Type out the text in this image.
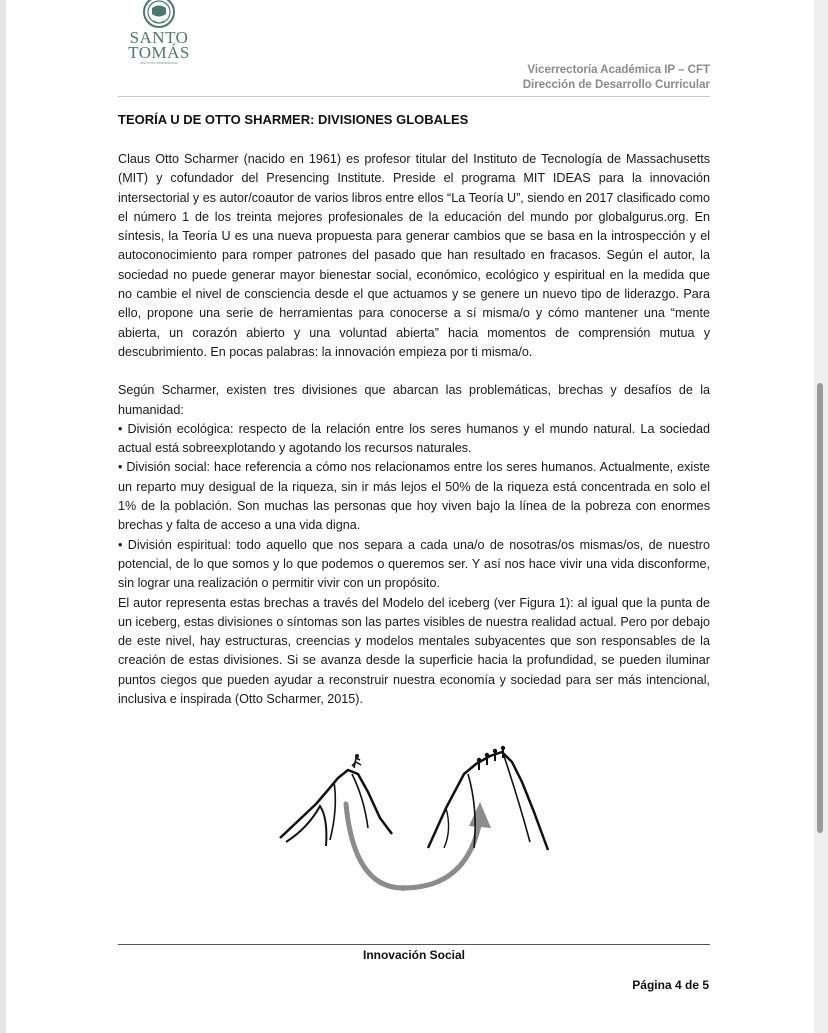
SANTO
TOMÁS
INSTITUTO PROFESIONAL
Vicerrectoría Académica IP – CFT
Dirección de Desarrollo Curricular
TEORÍA U DE OTTO SHARMER: DIVISIONES GLOBALES

Claus Otto Scharmer (nacido en 1961) es profesor titular del Instituto de Tecnología de Massachusetts (MIT) y cofundador del Presencing Institute. Preside el programa MIT IDEAS para la innovación intersectorial y es autor/coautor de varios libros entre ellos “La Teoría U”, siendo en 2017 clasificado como el número 1 de los treinta mejores profesionales de la educación del mundo por globalgurus.org. En síntesis, la Teoría U es una nueva propuesta para generar cambios que se basa en la introspección y el autoconocimiento para romper patrones del pasado que han resultado en fracasos. Según el autor, la sociedad no puede generar mayor bienestar social, económico, ecológico y espiritual en la medida que no cambie el nivel de consciencia desde el que actuamos y se genere un nuevo tipo de liderazgo. Para ello, propone una serie de herramientas para conocerse a sí misma/o y cómo mantener una “mente abierta, un corazón abierto y una voluntad abierta” hacia momentos de comprensión mutua y descubrimiento. En pocas palabras: la innovación empieza por ti misma/o.

Según Scharmer, existen tres divisiones que abarcan las problemáticas, brechas y desafíos de la humanidad:

• División ecológica: respecto de la relación entre los seres humanos y el mundo natural. La sociedad actual está sobreexplotando y agotando los recursos naturales.

• División social: hace referencia a cómo nos relacionamos entre los seres humanos. Actualmente, existe un reparto muy desigual de la riqueza, sin ir más lejos el 50% de la riqueza está concentrada en solo el 1% de la población. Son muchas las personas que hoy viven bajo la línea de la pobreza con enormes brechas y falta de acceso a una vida digna.

• División espiritual: todo aquello que nos separa a cada una/o de nosotras/os mismas/os, de nuestro potencial, de lo que somos y lo que podemos o queremos ser. Y así nos hace vivir una vida disconforme, sin lograr una realización o permitir vivir con un propósito.

El autor representa estas brechas a través del Modelo del iceberg (ver Figura 1): al igual que la punta de un iceberg, estas divisiones o síntomas son las partes visibles de nuestra realidad actual. Pero por debajo de este nivel, hay estructuras, creencias y modelos mentales subyacentes que son responsables de la creación de estas divisiones. Si se avanza desde la superficie hacia la profundidad, se pueden iluminar puntos ciegos que pueden ayudar a reconstruir nuestra economía y sociedad para ser más intencional, inclusiva e inspirada (Otto Scharmer, 2015).

Innovación Social
Página 4 de 5
